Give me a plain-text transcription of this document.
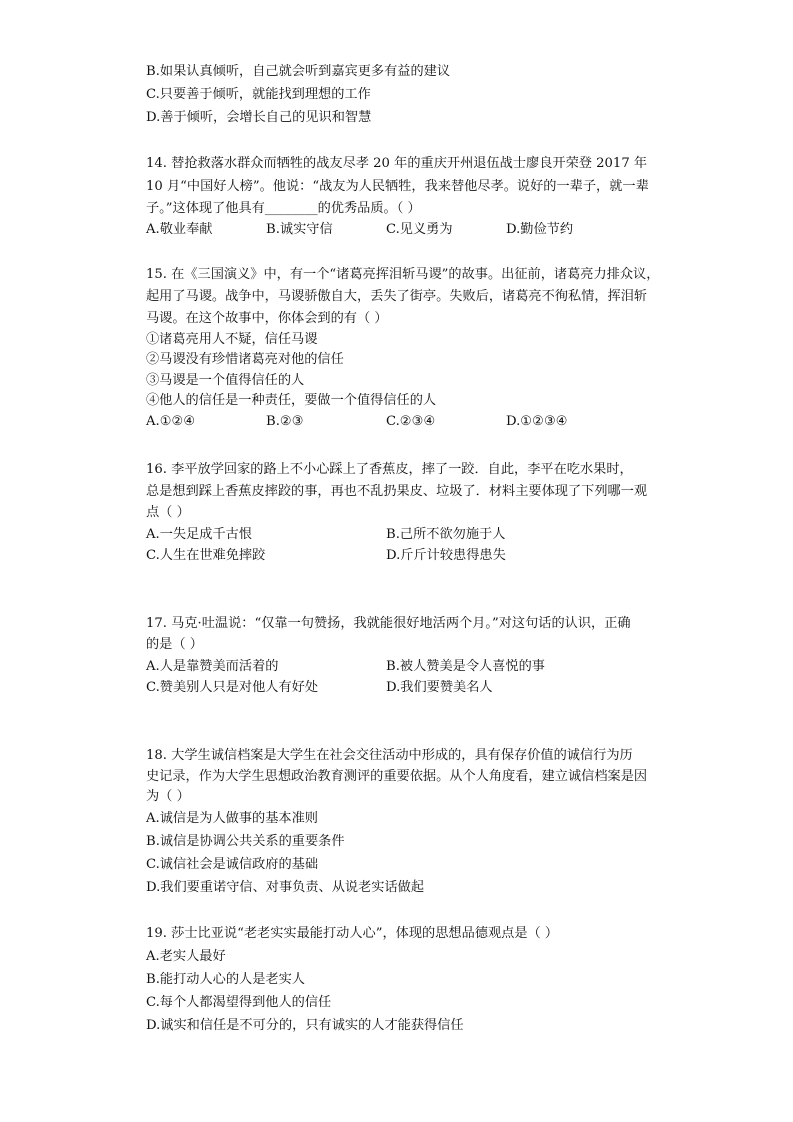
B.如果认真倾听，自己就会听到嘉宾更多有益的建议
C.只要善于倾听，就能找到理想的工作
D.善于倾听，会增长自己的见识和智慧
14. 替抢救落水群众而牺牲的战友尽孝 20 年的重庆开州退伍战士廖良开荣登 2017 年
10 月“中国好人榜”。他说：“战友为人民牺牲，我来替他尽孝。说好的一辈子，就一辈
子。”这体现了他具有________的优秀品质。（ ）
A.敬业奉献	B.诚实守信	C.见义勇为	D.勤俭节约
15. 在《三国演义》中，有一个“诸葛亮挥泪斩马谡”的故事。出征前，诸葛亮力排众议，
起用了马谡。战争中，马谡骄傲自大，丢失了街亭。失败后，诸葛亮不徇私情，挥泪斩
马谡。在这个故事中，你体会到的有（ ）
①诸葛亮用人不疑，信任马谡
②马谡没有珍惜诸葛亮对他的信任
③马谡是一个值得信任的人
④他人的信任是一种责任，要做一个值得信任的人
A.①②④	B.②③	C.②③④	D.①②③④
16. 李平放学回家的路上不小心踩上了香蕉皮，摔了一跤．自此，李平在吃水果时，
总是想到踩上香蕉皮摔跤的事，再也不乱扔果皮、垃圾了．材料主要体现了下列哪一观
点（ ）
A.一失足成千古恨	B.己所不欲勿施于人
C.人生在世难免摔跤	D.斤斤计较患得患失
17. 马克·吐温说：“仅靠一句赞扬，我就能很好地活两个月。”对这句话的认识，正确
的是（ ）
A.人是靠赞美而活着的	B.被人赞美是令人喜悦的事
C.赞美别人只是对他人有好处	D.我们要赞美名人
18. 大学生诚信档案是大学生在社会交往活动中形成的，具有保存价值的诚信行为历
史记录，作为大学生思想政治教育测评的重要依据。从个人角度看，建立诚信档案是因
为（ ）
A.诚信是为人做事的基本准则
B.诚信是协调公共关系的重要条件
C.诚信社会是诚信政府的基础
D.我们要重诺守信、对事负责、从说老实话做起
19. 莎士比亚说“老老实实最能打动人心”，体现的思想品德观点是（ ）
A.老实人最好
B.能打动人心的人是老实人
C.每个人都渴望得到他人的信任
D.诚实和信任是不可分的，只有诚实的人才能获得信任
